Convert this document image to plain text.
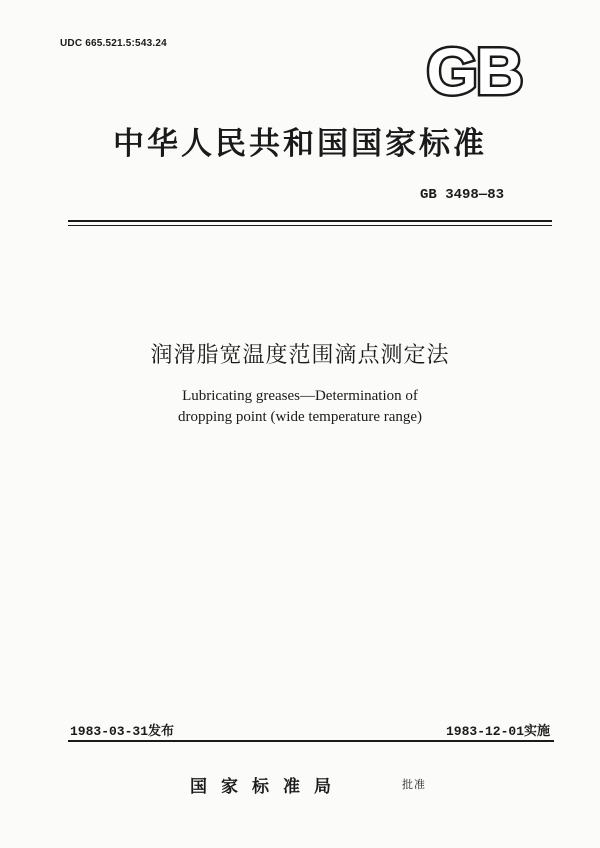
UDC 665.521.5:543.24	GB
中华人民共和国国家标准
GB 3498—83
润滑脂宽温度范围滴点测定法
Lubricating greases—Determination of
dropping point (wide temperature range)
1983-03-31发布	1983-12-01实施
国家标准局	批准
